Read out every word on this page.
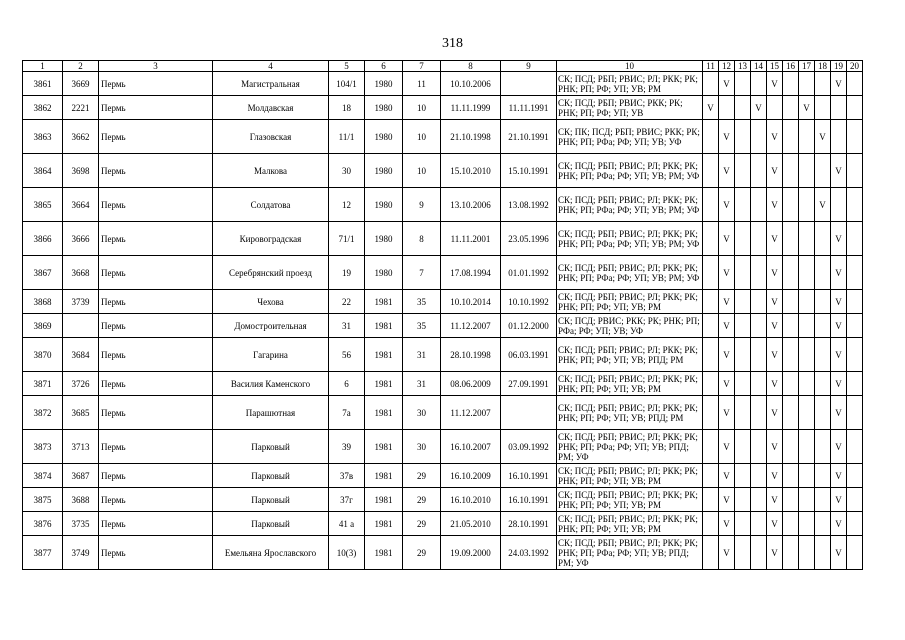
318
1	2	3	4	5	6	7	8	9	10	11	12	13	14	15	16	17	18	19	20
3861	3669	Пермь	Магистральная	104/1	1980	11	10.10.2006		СК; ПСД; РБП; РВИС; РЛ; РКК; РК; РНК; РП; РФ; УП; УВ; РМ		V			V				V	
3862	2221	Пермь	Молдавская	18	1980	10	11.11.1999	11.11.1991	СК; ПСД; РБП; РВИС; РКК; РК; РНК; РП; РФ; УП; УВ	V			V			V			
3863	3662	Пермь	Глазовская	11/1	1980	10	21.10.1998	21.10.1991	СК; ПК; ПСД; РБП; РВИС; РКК; РК; РНК; РП; РФа; РФ; УП; УВ; УФ		V			V			V		
3864	3698	Пермь	Малкова	30	1980	10	15.10.2010	15.10.1991	СК; ПСД; РБП; РВИС; РЛ; РКК; РК; РНК; РП; РФа; РФ; УП; УВ; РМ; УФ		V			V				V	
3865	3664	Пермь	Солдатова	12	1980	9	13.10.2006	13.08.1992	СК; ПСД; РБП; РВИС; РЛ; РКК; РК; РНК; РП; РФа; РФ; УП; УВ; РМ; УФ		V			V			V		
3866	3666	Пермь	Кировоградская	71/1	1980	8	11.11.2001	23.05.1996	СК; ПСД; РБП; РВИС; РЛ; РКК; РК; РНК; РП; РФа; РФ; УП; УВ; РМ; УФ		V			V				V	
3867	3668	Пермь	Серебрянский проезд	19	1980	7	17.08.1994	01.01.1992	СК; ПСД; РБП; РВИС; РЛ; РКК; РК; РНК; РП; РФа; РФ; УП; УВ; РМ; УФ		V			V				V	
3868	3739	Пермь	Чехова	22	1981	35	10.10.2014	10.10.1992	СК; ПСД; РБП; РВИС; РЛ; РКК; РК; РНК; РП; РФ; УП; УВ; РМ		V			V				V	
3869		Пермь	Домостроительная	31	1981	35	11.12.2007	01.12.2000	СК; ПСД; РВИС; РКК; РК; РНК; РП; РФа; РФ; УП; УВ; УФ		V			V				V	
3870	3684	Пермь	Гагарина	56	1981	31	28.10.1998	06.03.1991	СК; ПСД; РБП; РВИС; РЛ; РКК; РК; РНК; РП; РФ; УП; УВ; РПД; РМ		V			V				V	
3871	3726	Пермь	Василия Каменского	6	1981	31	08.06.2009	27.09.1991	СК; ПСД; РБП; РВИС; РЛ; РКК; РК; РНК; РП; РФ; УП; УВ; РМ		V			V				V	
3872	3685	Пермь	Парашютная	7а	1981	30	11.12.2007		СК; ПСД; РБП; РВИС; РЛ; РКК; РК; РНК; РП; РФ; УП; УВ; РПД; РМ		V			V				V	
3873	3713	Пермь	Парковый	39	1981	30	16.10.2007	03.09.1992	СК; ПСД; РБП; РВИС; РЛ; РКК; РК; РНК; РП; РФа; РФ; УП; УВ; РПД; РМ; УФ		V			V				V	
3874	3687	Пермь	Парковый	37в	1981	29	16.10.2009	16.10.1991	СК; ПСД; РБП; РВИС; РЛ; РКК; РК; РНК; РП; РФ; УП; УВ; РМ		V			V				V	
3875	3688	Пермь	Парковый	37г	1981	29	16.10.2010	16.10.1991	СК; ПСД; РБП; РВИС; РЛ; РКК; РК; РНК; РП; РФ; УП; УВ; РМ		V			V				V	
3876	3735	Пермь	Парковый	41 а	1981	29	21.05.2010	28.10.1991	СК; ПСД; РБП; РВИС; РЛ; РКК; РК; РНК; РП; РФ; УП; УВ; РМ		V			V				V	
3877	3749	Пермь	Емельяна Ярославского	10(3)	1981	29	19.09.2000	24.03.1992	СК; ПСД; РБП; РВИС; РЛ; РКК; РК; РНК; РП; РФа; РФ; УП; УВ; РПД; РМ; УФ		V			V				V	
